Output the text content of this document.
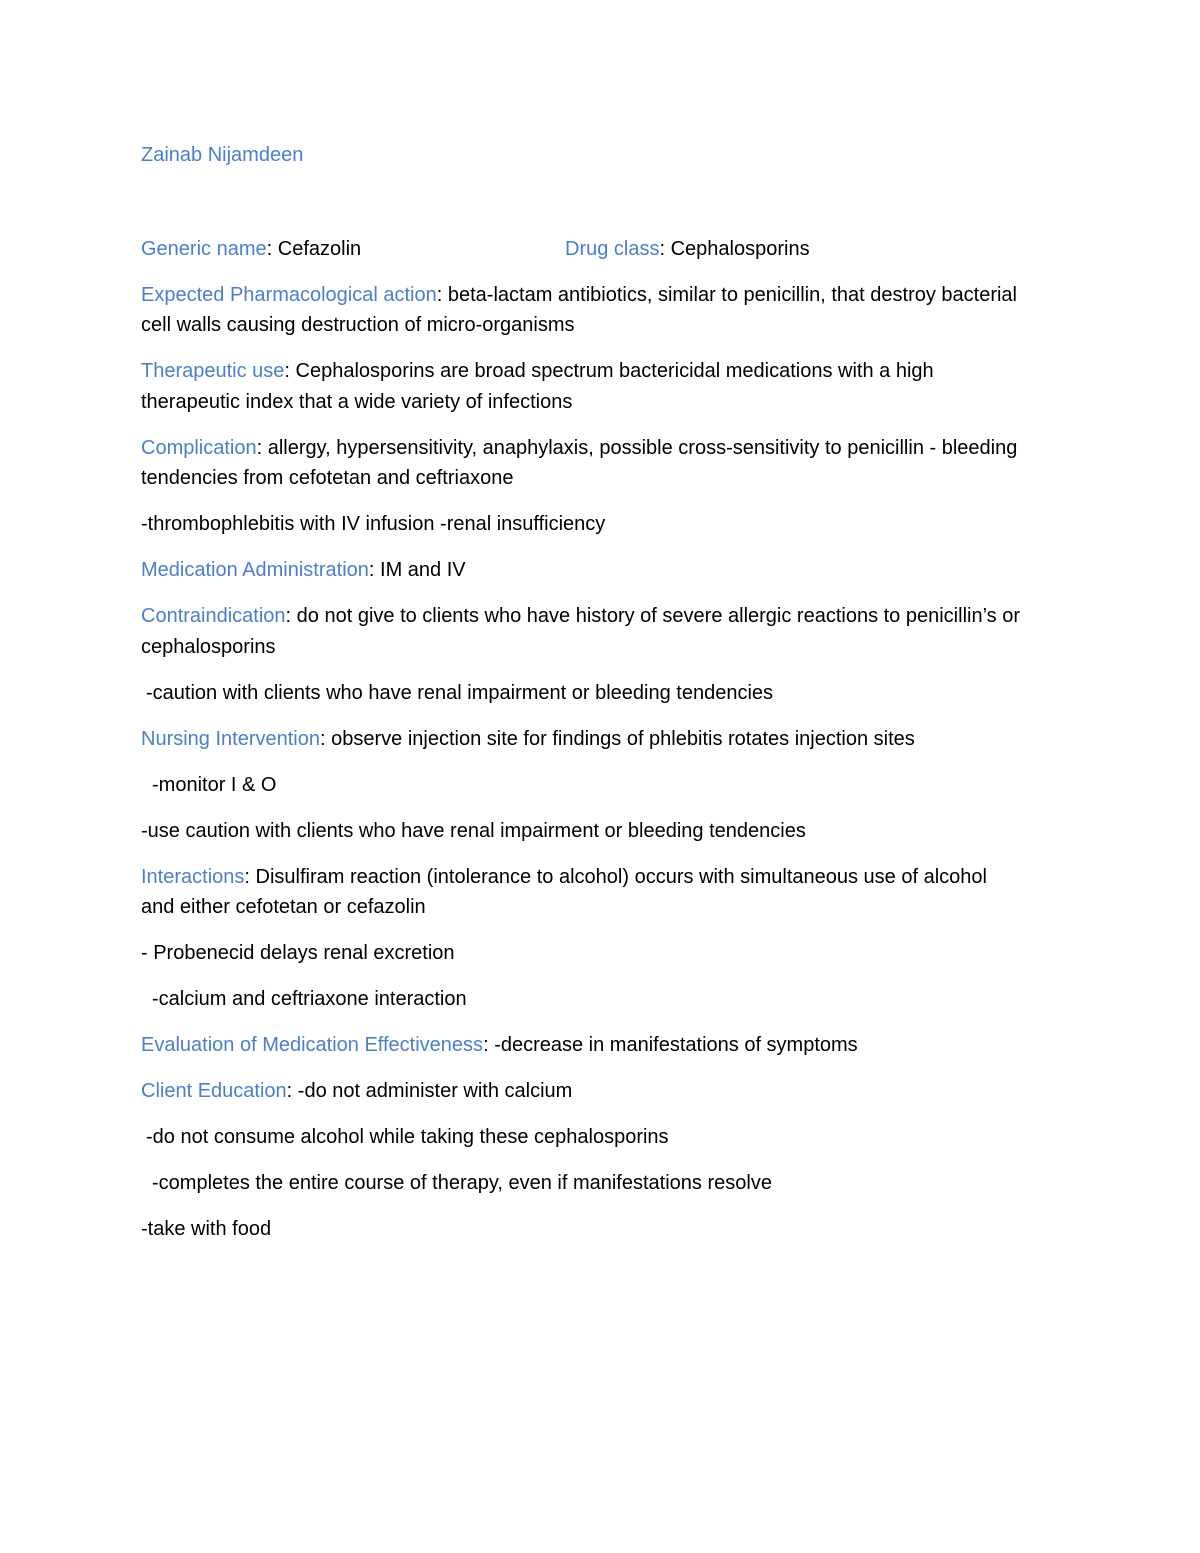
Zainab Nijamdeen
Generic name: Cefazolin	Drug class: Cephalosporins
Expected Pharmacological action: beta-lactam antibiotics, similar to penicillin, that destroy bacterial cell walls causing destruction of micro-organisms
Therapeutic use: Cephalosporins are broad spectrum bactericidal medications with a high therapeutic index that a wide variety of infections
Complication: allergy, hypersensitivity, anaphylaxis, possible cross-sensitivity to penicillin - bleeding tendencies from cefotetan and ceftriaxone
-thrombophlebitis with IV infusion -renal insufficiency
Medication Administration: IM and IV
Contraindication: do not give to clients who have history of severe allergic reactions to penicillin’s or cephalosporins
-caution with clients who have renal impairment or bleeding tendencies
Nursing Intervention: observe injection site for findings of phlebitis rotates injection sites
-monitor I & O
-use caution with clients who have renal impairment or bleeding tendencies
Interactions: Disulfiram reaction (intolerance to alcohol) occurs with simultaneous use of alcohol and either cefotetan or cefazolin
- Probenecid delays renal excretion
-calcium and ceftriaxone interaction
Evaluation of Medication Effectiveness: -decrease in manifestations of symptoms
Client Education: -do not administer with calcium
-do not consume alcohol while taking these cephalosporins
-completes the entire course of therapy, even if manifestations resolve
-take with food
